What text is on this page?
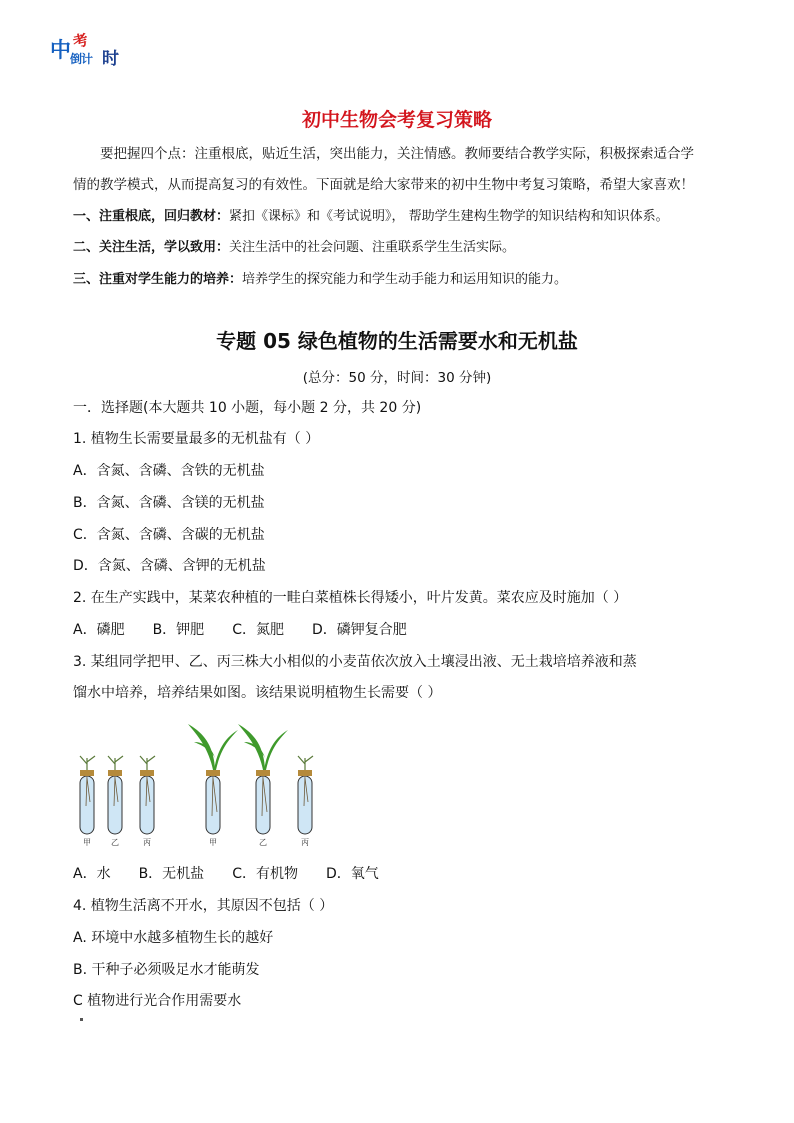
中 考
倒计 时
初中生物会考复习策略
要把握四个点：注重根底，贴近生活，突出能力，关注情感。教师要结合教学实际，积极探索适合学
情的教学模式，从而提高复习的有效性。下面就是给大家带来的初中生物中考复习策略，希望大家喜欢！
一、注重根底，回归教材：紧扣《课标》和《考试说明》， 帮助学生建构生物学的知识结构和知识体系。
二、关注生活，学以致用：关注生活中的社会问题、注重联系学生生活实际。
三、注重对学生能力的培养：培养学生的探究能力和学生动手能力和运用知识的能力。
专题 05 绿色植物的生活需要水和无机盐
(总分：50 分，时间：30 分钟)
一．选择题(本大题共 10 小题，每小题 2 分，共 20 分)
1. 植物生长需要量最多的无机盐有（ ）
A．含氮、含磷、含铁的无机盐
B．含氮、含磷、含镁的无机盐
C．含氮、含磷、含碳的无机盐
D．含氮、含磷、含钾的无机盐
2. 在生产实践中，某菜农种植的一畦白菜植株长得矮小，叶片发黄。菜农应及时施加（ ）
A．磷肥 B．钾肥 C．氮肥 D．磷钾复合肥
3. 某组同学把甲、乙、丙三株大小相似的小麦苗依次放入土壤浸出液、无土栽培培养液和蒸
馏水中培养，培养结果如图。该结果说明植物生长需要（ ）
甲	乙	丙	甲	乙	丙
A．水 B．无机盐 C．有机物 D．氧气
4. 植物生活离不开水，其原因不包括（ ）
A. 环境中水越多植物生长的越好
B. 干种子必须吸足水才能萌发
C 植物进行光合作用需要水
